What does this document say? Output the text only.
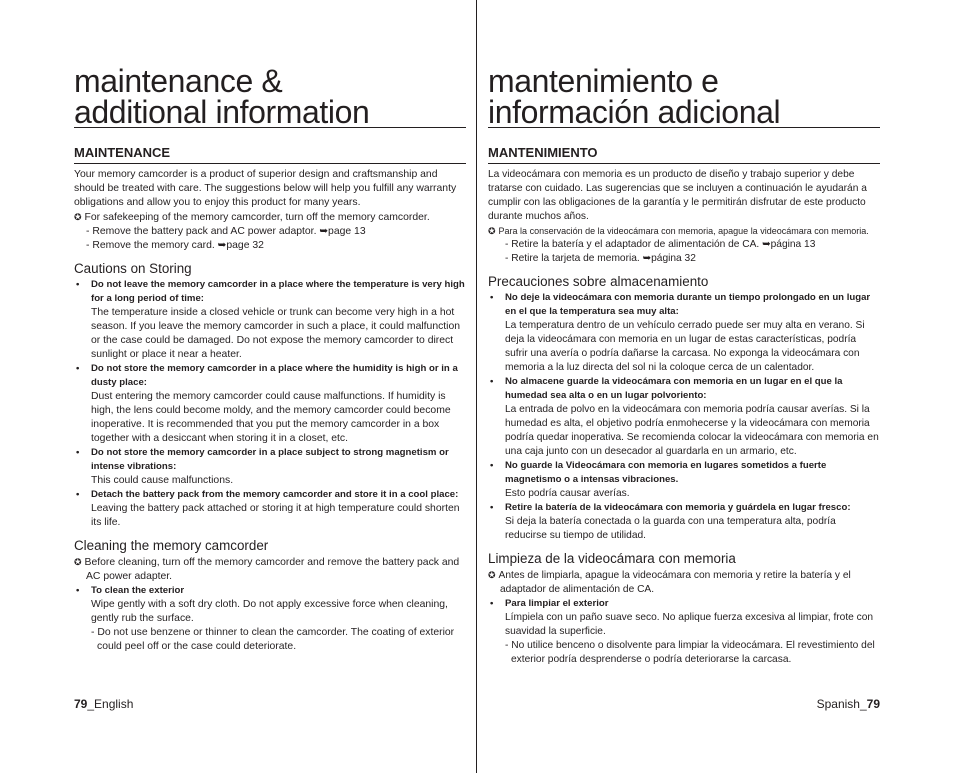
maintenance &
additional information
MAINTENANCE

Your memory camcorder is a product of superior design and craftsmanship and should be treated with care. The suggestions below will help you fulfill any warranty obligations and allow you to enjoy this product for many years.

✪ For safekeeping of the memory camcorder, turn off the memory camcorder.

- Remove the battery pack and AC power adaptor. ➥page 13

- Remove the memory card. ➥page 32

Cautions on Storing

• Do not leave the memory camcorder in a place where the temperature is very high for a long period of time:

The temperature inside a closed vehicle or trunk can become very high in a hot season. If you leave the memory camcorder in such a place, it could malfunction or the case could be damaged. Do not expose the memory camcorder to direct sunlight or place it near a heater.

• Do not store the memory camcorder in a place where the humidity is high or in a dusty place:

Dust entering the memory camcorder could cause malfunctions. If humidity is high, the lens could become moldy, and the memory camcorder could become inoperative. It is recommended that you put the memory camcorder in a box together with a desiccant when storing it in a closet, etc.

• Do not store the memory camcorder in a place subject to strong magnetism or intense vibrations:

This could cause malfunctions.

• Detach the battery pack from the memory camcorder and store it in a cool place:

Leaving the battery pack attached or storing it at high temperature could shorten its life.

Cleaning the memory camcorder

✪ Before cleaning, turn off the memory camcorder and remove the battery pack and AC power adapter.

• To clean the exterior

Wipe gently with a soft dry cloth. Do not apply excessive force when cleaning, gently rub the surface.

- Do not use benzene or thinner to clean the camcorder. The coating of exterior could peel off or the case could deteriorate.

mantenimiento e
información adicional
MANTENIMIENTO

La videocámara con memoria es un producto de diseño y trabajo superior y debe tratarse con cuidado. Las sugerencias que se incluyen a continuación le ayudarán a cumplir con las obligaciones de la garantía y le permitirán disfrutar de este producto durante muchos años.

✪ Para la conservación de la videocámara con memoria, apague la videocámara con memoria.

- Retire la batería y el adaptador de alimentación de CA. ➥página 13

- Retire la tarjeta de memoria. ➥página 32

Precauciones sobre almacenamiento

• No deje la videocámara con memoria durante un tiempo prolongado en un lugar en el que la temperatura sea muy alta:

La temperatura dentro de un vehículo cerrado puede ser muy alta en verano. Si deja la videocámara con memoria en un lugar de estas características, podría sufrir una avería o podría dañarse la carcasa. No exponga la videocámara con memoria a la luz directa del sol ni la coloque cerca de un calentador.

• No almacene guarde la videocámara con memoria en un lugar en el que la humedad sea alta o en un lugar polvoriento:

La entrada de polvo en la videocámara con memoria podría causar averías. Si la humedad es alta, el objetivo podría enmohecerse y la videocámara con memoria podría quedar inoperativa. Se recomienda colocar la videocámara con memoria en una caja junto con un desecador al guardarla en un armario, etc.

• No guarde la Videocámara con memoria en lugares sometidos a fuerte magnetismo o a intensas vibraciones.

Esto podría causar averías.

• Retire la batería de la videocámara con memoria y guárdela en lugar fresco:

Si deja la batería conectada o la guarda con una temperatura alta, podría reducirse su tiempo de utilidad.

Limpieza de la videocámara con memoria

✪ Antes de limpiarla, apague la videocámara con memoria y retire la batería y el adaptador de alimentación de CA.

• Para limpiar el exterior

Límpiela con un paño suave seco. No aplique fuerza excesiva al limpiar, frote con suavidad la superficie.

- No utilice benceno o disolvente para limpiar la videocámara. El revestimiento del exterior podría desprenderse o podría deteriorarse la carcasa.

79_English	Spanish_79
